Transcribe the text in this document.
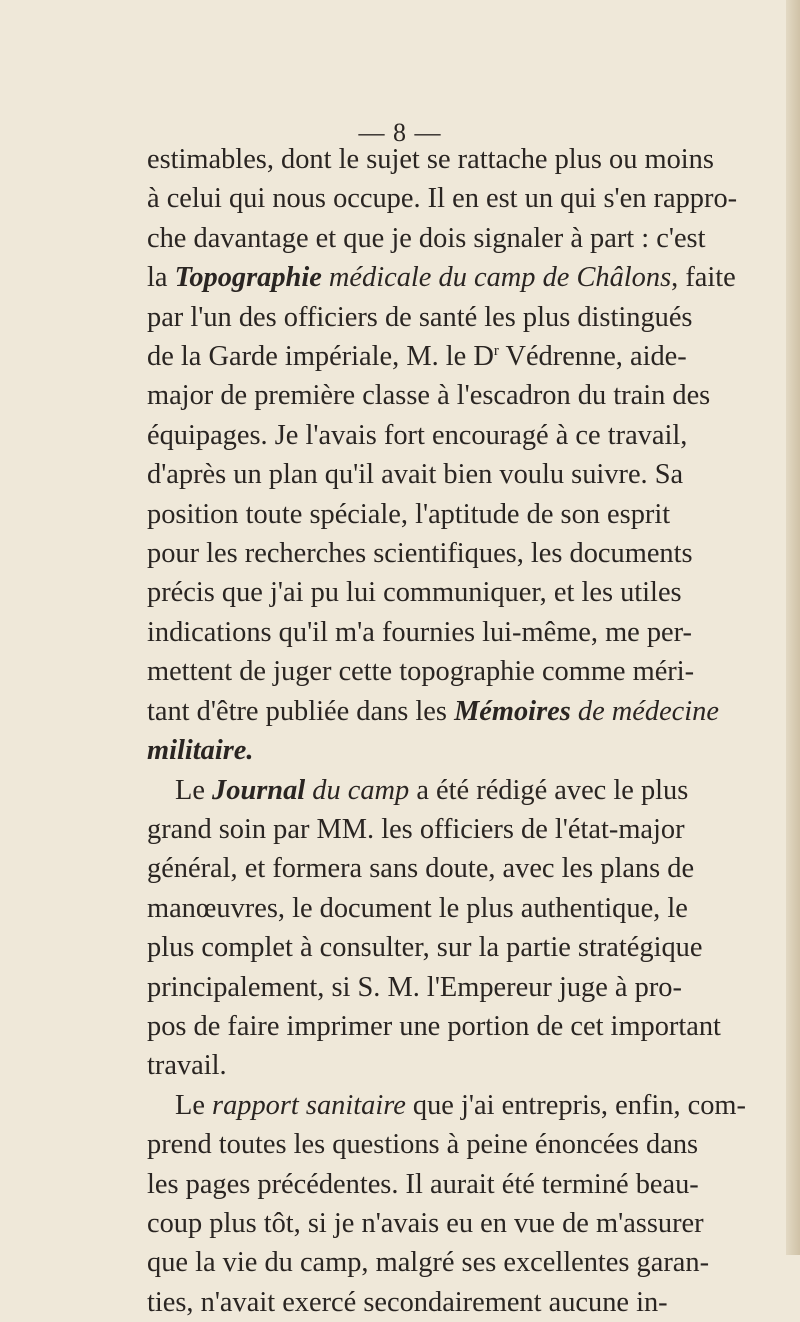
— 8 —
estimables, dont le sujet se rattache plus ou moins
à celui qui nous occupe. Il en est un qui s'en rappro-
che davantage et que je dois signaler à part : c'est
la Topographie médicale du camp de Châlons, faite
par l'un des officiers de santé les plus distingués
de la Garde impériale, M. le $D^r$ Védrenne, aide-
major de première classe à l'escadron du train des
équipages. Je l'avais fort encouragé à ce travail,
d'après un plan qu'il avait bien voulu suivre. Sa
position toute spéciale, l'aptitude de son esprit
pour les recherches scientifiques, les documents
précis que j'ai pu lui communiquer, et les utiles
indications qu'il m'a fournies lui-même, me per-
mettent de juger cette topographie comme méri-
tant d'être publiée dans les Mémoires de médecine
militaire.
Le Journal du camp a été rédigé avec le plus
grand soin par MM. les officiers de l'état-major
général, et formera sans doute, avec les plans de
manœuvres, le document le plus authentique, le
plus complet à consulter, sur la partie stratégique
principalement, si S. M. l'Empereur juge à pro-
pos de faire imprimer une portion de cet important
travail.
Le rapport sanitaire que j'ai entrepris, enfin, com-
prend toutes les questions à peine énoncées dans
les pages précédentes. Il aurait été terminé beau-
coup plus tôt, si je n'avais eu en vue de m'assurer
que la vie du camp, malgré ses excellentes garan-
ties, n'avait exercé secondairement aucune in-
